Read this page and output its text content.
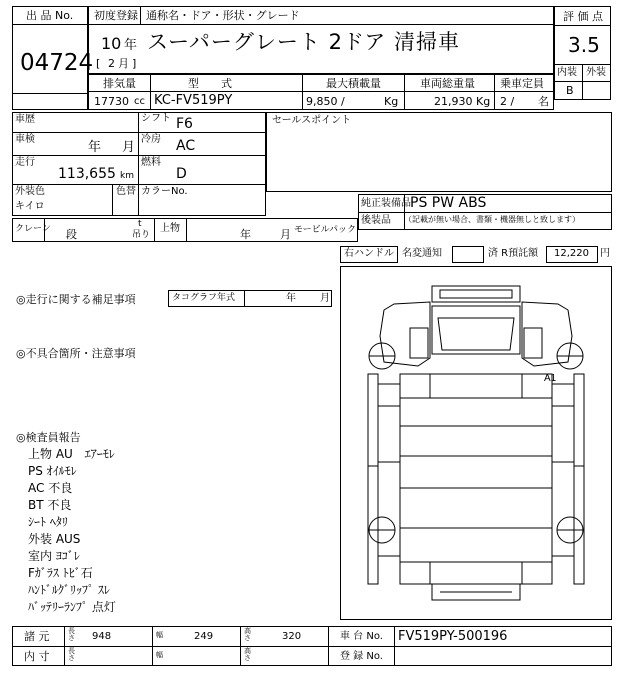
出 品 No.
04724
初度登録 通称名・ドア・形状・グレード
10 年
[ 2 月 ]
スーパーグレート 2ドア 清掃車
評 価 点
3.5
内装 外装
B
排気量	型　　式	最大積載量	車両総重量 乗車定員
17730 cc KC-FV519PY	9,850 /	Kg	21,930 Kg 2 / 名
車歴	シフト F6
車検
年 月
冷房 AC
走行
113,655 km
燃料
D
外装色
キイロ
色替 カラーNo.
セールスポイント
純正装備品 PS PW ABS
後装品 （記載が無い場合、書類・機器無しと致します）
クレーン 段
t
吊り
上物	年	月 モービルパック
右ハンドル 名変通知	済 R預託額 12,220 円
◎走行に関する補足事項	タコグラフ年式	年 月
◎不具合箇所・注意事項
◎検査員報告
上物 AU　ｴｱｰﾓﾚ
PS ｵｲﾙﾓﾚ
AC 不良
BT 不良
ｼｰﾄ ﾍﾀﾘ
外装 AUS
室内 ﾖｺﾞﾚ
Fｶﾞﾗｽ ﾄﾋﾞ石
ﾊﾝﾄﾞﾙｸﾞﾘｯﾌﾟ ｽﾚ
ﾊﾞｯﾃﾘｰﾗﾝﾌﾟ 点灯
A1
諸 元	長さ 948	幅	249	高さ	320	車 台 No. FV519PY-500196
内 寸	長さ	幅	高さ	登 録 No.
